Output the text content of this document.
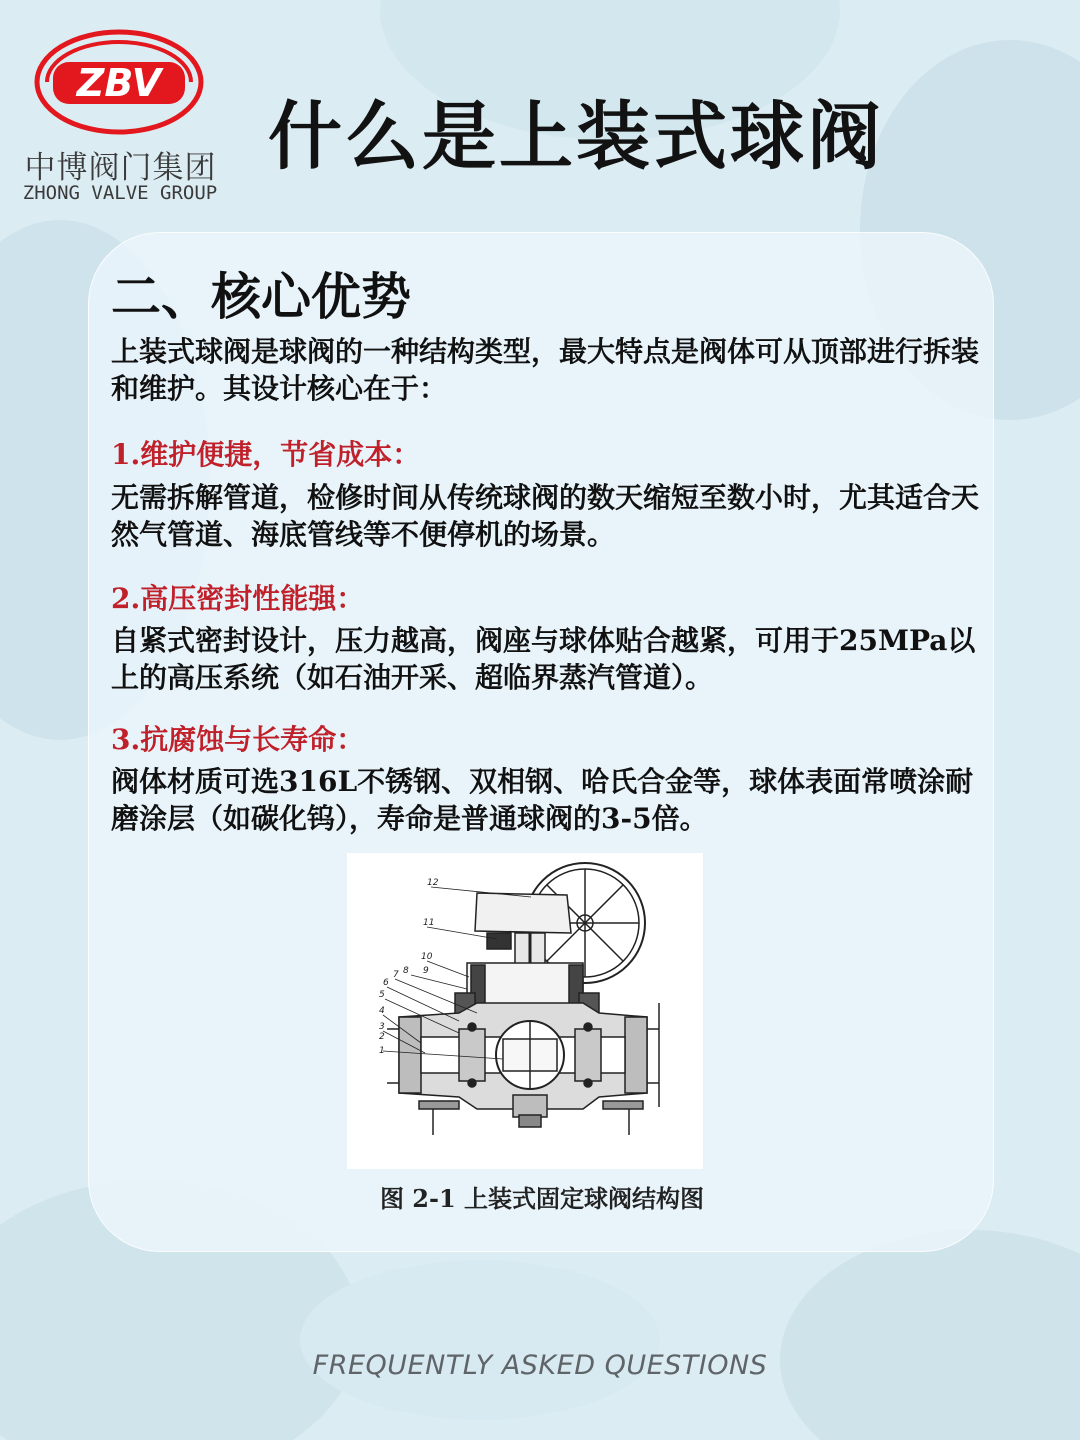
ZBV
中博阀门集团
ZHONG VALVE GROUP
什么是上装式球阀
二、核心优势
上装式球阀是球阀的一种结构类型，最大特点是阀体可从顶部进行拆装和维护。其设计核心在于：
1.维护便捷，节省成本：
无需拆解管道，检修时间从传统球阀的数天缩短至数小时，尤其适合天然气管道、海底管线等不便停机的场景。
2.高压密封性能强：
自紧式密封设计，压力越高，阀座与球体贴合越紧，可用于25MPa以上的高压系统（如石油开采、超临界蒸汽管道）。
3.抗腐蚀与长寿命：
阀体材质可选316L不锈钢、双相钢、哈氏合金等，球体表面常喷涂耐磨涂层（如碳化钨），寿命是普通球阀的3-5倍。
12
11
10
9
8
7
6
5
4
3
2
1
图 2-1 上装式固定球阀结构图
FREQUENTLY ASKED QUESTIONS
